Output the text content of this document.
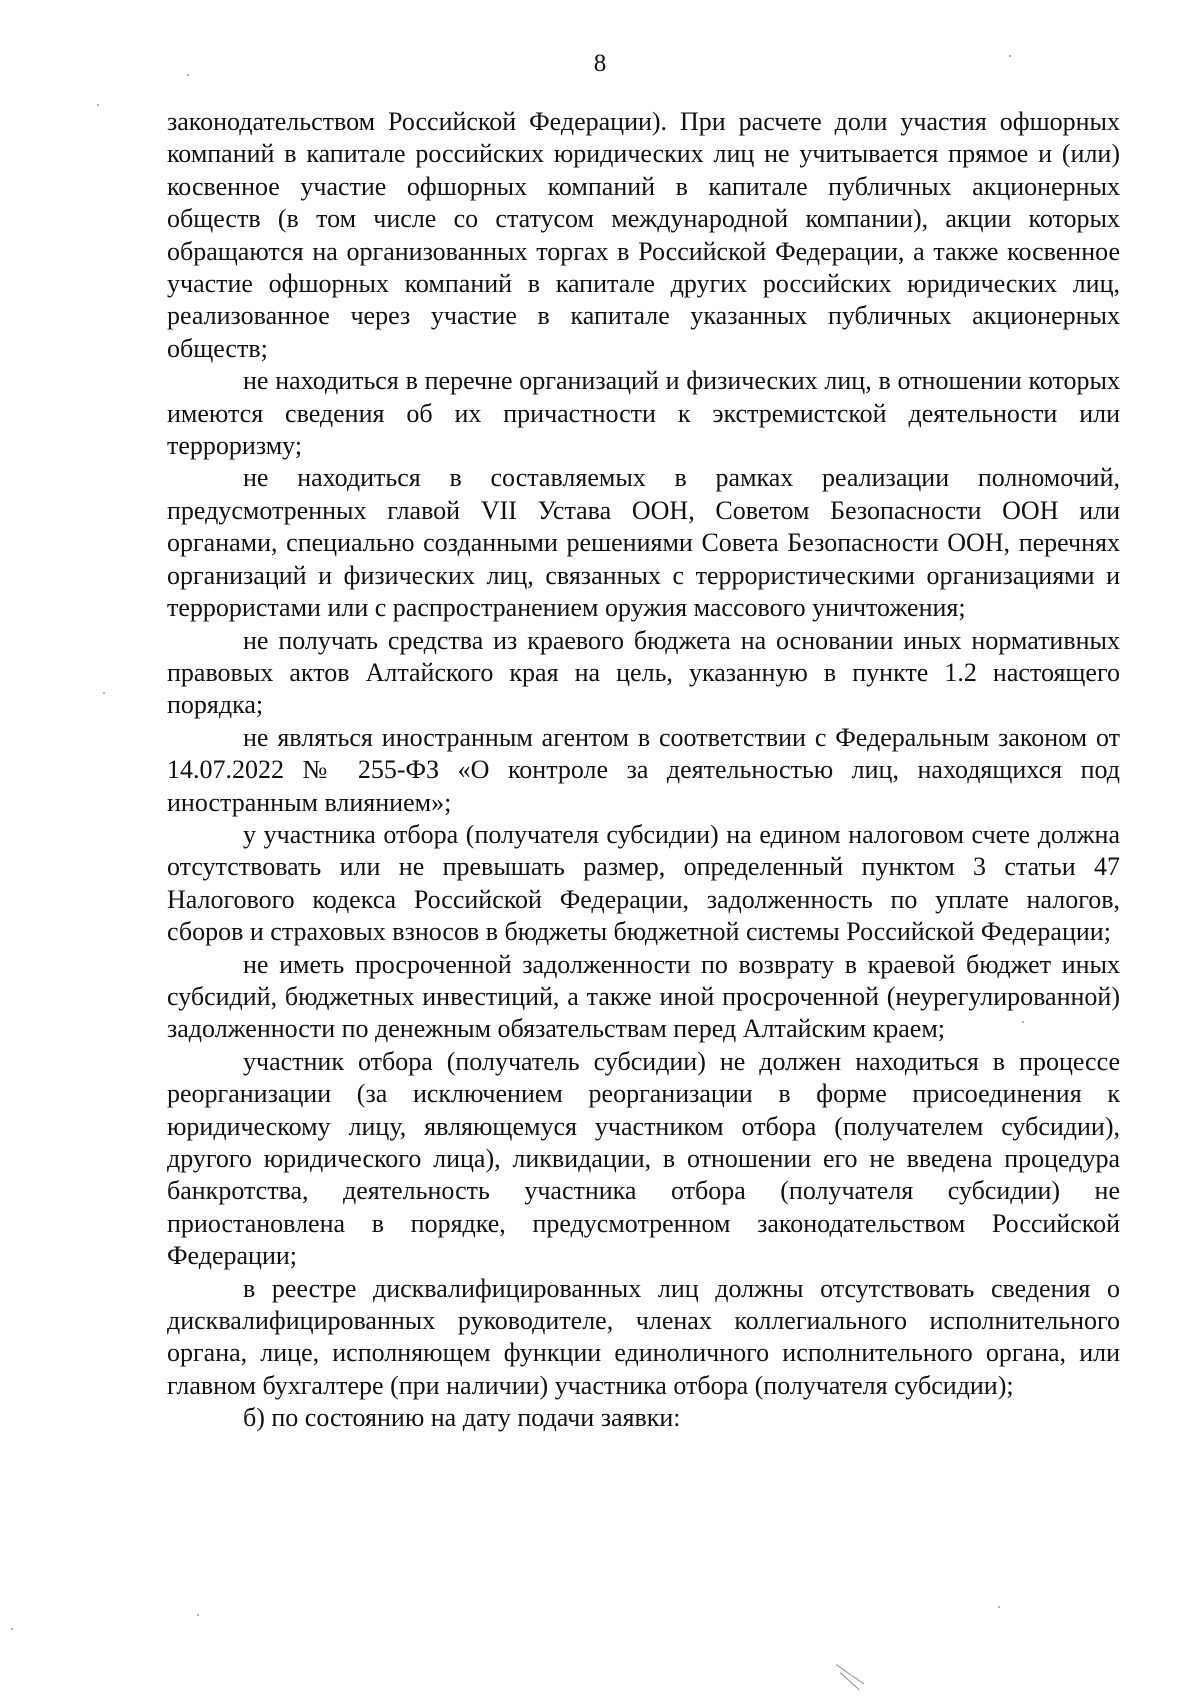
8

законодательством Российской Федерации). При расчете доли участия офшорных компаний в капитале российских юридических лиц не учитывается прямое и (или) косвенное участие офшорных компаний в капитале публичных акционерных обществ (в том числе со статусом международной компании), акции которых обращаются на организованных торгах в Российской Федерации, а также косвенное участие офшорных компаний в капитале других российских юридических лиц, реализованное через участие в капитале указанных публичных акционерных обществ;

не находиться в перечне организаций и физических лиц, в отношении которых имеются сведения об их причастности к экстремистской деятельности или терроризму;

не находиться в составляемых в рамках реализации полномочий, предусмотренных главой VII Устава ООН, Советом Безопасности ООН или органами, специально созданными решениями Совета Безопасности ООН, перечнях организаций и физических лиц, связанных с террористическими организациями и террористами или с распространением оружия массового уничтожения;

не получать средства из краевого бюджета на основании иных нормативных правовых актов Алтайского края на цель, указанную в пункте 1.2 настоящего порядка;

не являться иностранным агентом в соответствии с Федеральным законом от 14.07.2022 № 255-ФЗ «О контроле за деятельностью лиц, находящихся под иностранным влиянием»;

у участника отбора (получателя субсидии) на едином налоговом счете должна отсутствовать или не превышать размер, определенный пунктом 3 статьи 47 Налогового кодекса Российской Федерации, задолженность по уплате налогов, сборов и страховых взносов в бюджеты бюджетной системы Российской Федерации;

не иметь просроченной задолженности по возврату в краевой бюджет иных субсидий, бюджетных инвестиций, а также иной просроченной (неурегулированной) задолженности по денежным обязательствам перед Алтайским краем;

участник отбора (получатель субсидии) не должен находиться в процессе реорганизации (за исключением реорганизации в форме присоединения к юридическому лицу, являющемуся участником отбора (получателем субсидии), другого юридического лица), ликвидации, в отношении его не введена процедура банкротства, деятельность участника отбора (получателя субсидии) не приостановлена в порядке, предусмотренном законодательством Российской Федерации;

в реестре дисквалифицированных лиц должны отсутствовать сведения о дисквалифицированных руководителе, членах коллегиального исполнительного органа, лице, исполняющем функции единоличного исполнительного органа, или главном бухгалтере (при наличии) участника отбора (получателя субсидии);

б) по состоянию на дату подачи заявки:
